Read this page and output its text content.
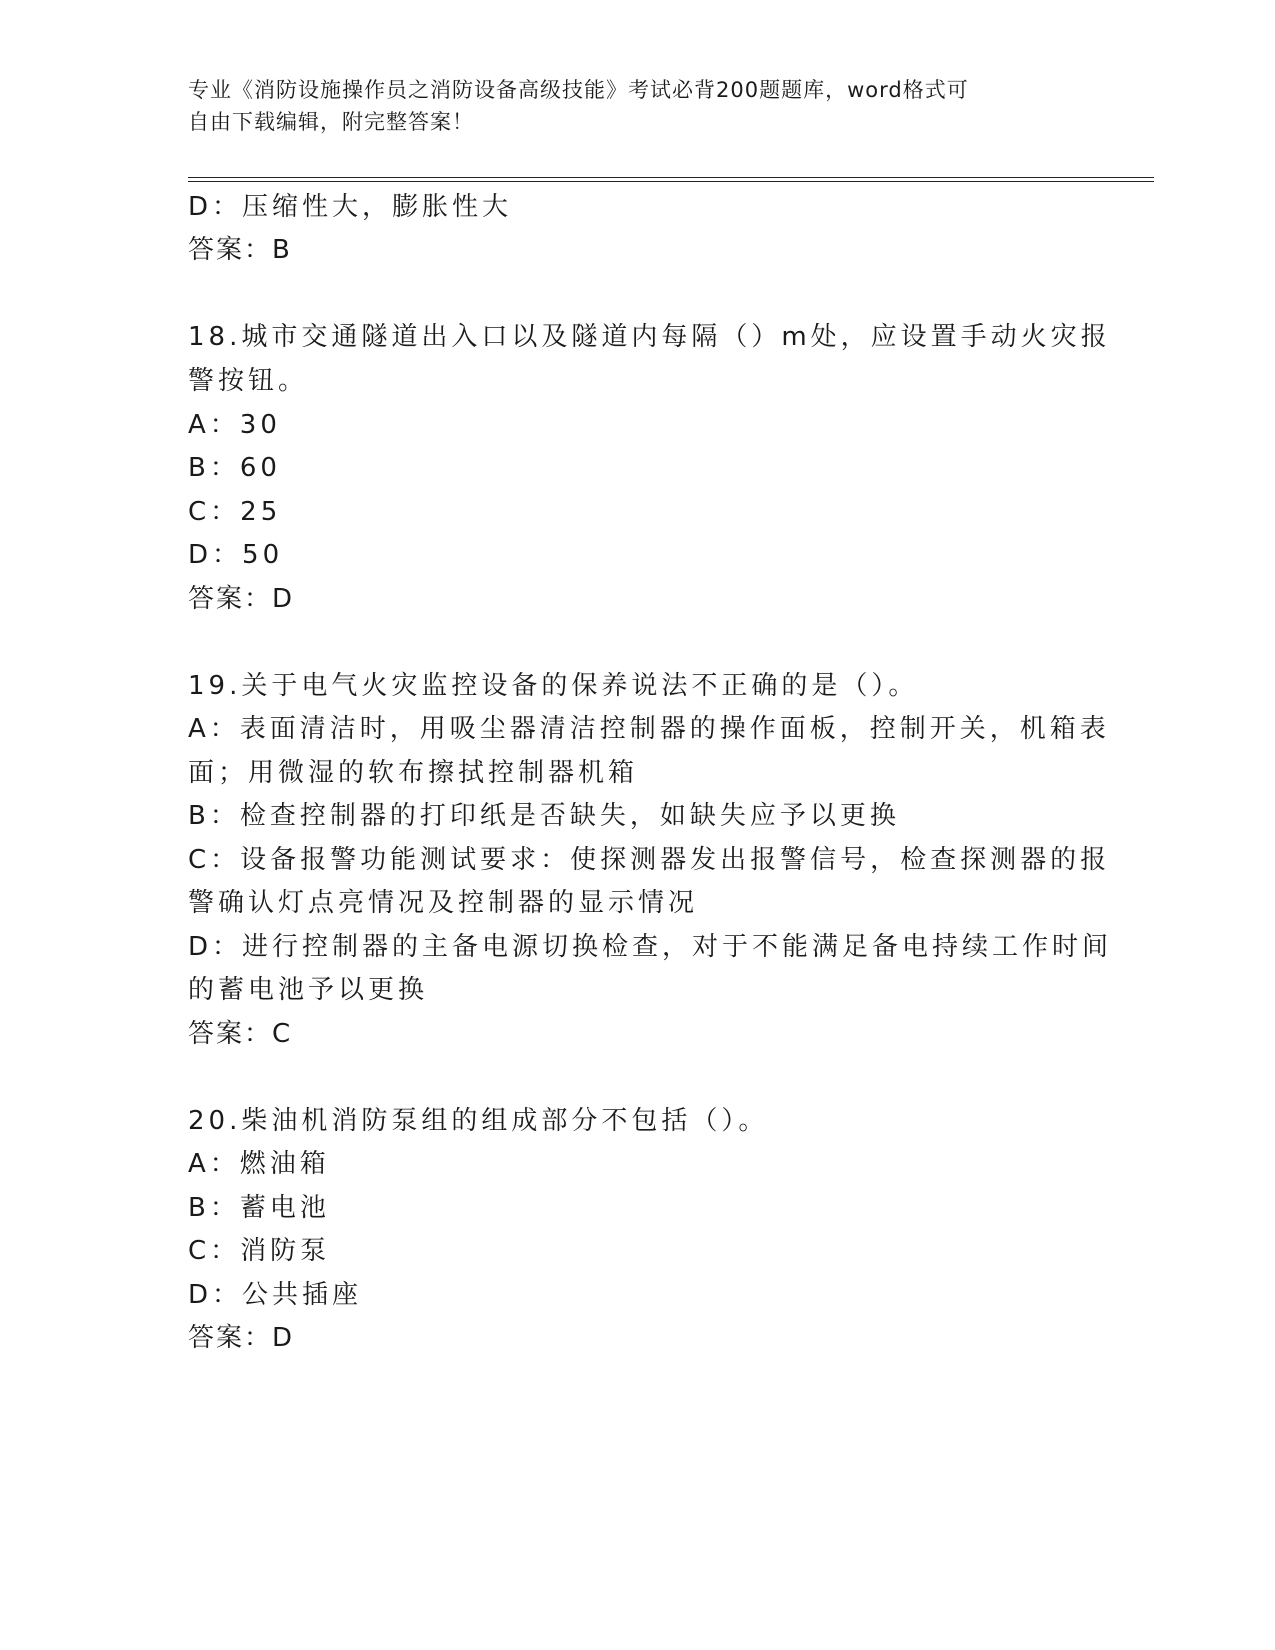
专业《消防设施操作员之消防设备高级技能》考试必背200题题库，word格式可
自由下载编辑，附完整答案！
D：压缩性大，膨胀性大
答案：B
18.城市交通隧道出入口以及隧道内每隔（）m处，应设置手动火灾报
警按钮。
A：30
B：60
C：25
D：50
答案：D
19.关于电气火灾监控设备的保养说法不正确的是（）。
A：表面清洁时，用吸尘器清洁控制器的操作面板，控制开关，机箱表
面；用微湿的软布擦拭控制器机箱
B：检查控制器的打印纸是否缺失，如缺失应予以更换
C：设备报警功能测试要求：使探测器发出报警信号，检查探测器的报
警确认灯点亮情况及控制器的显示情况
D：进行控制器的主备电源切换检查，对于不能满足备电持续工作时间
的蓄电池予以更换
答案：C
20.柴油机消防泵组的组成部分不包括（）。
A：燃油箱
B：蓄电池
C：消防泵
D：公共插座
答案：D
